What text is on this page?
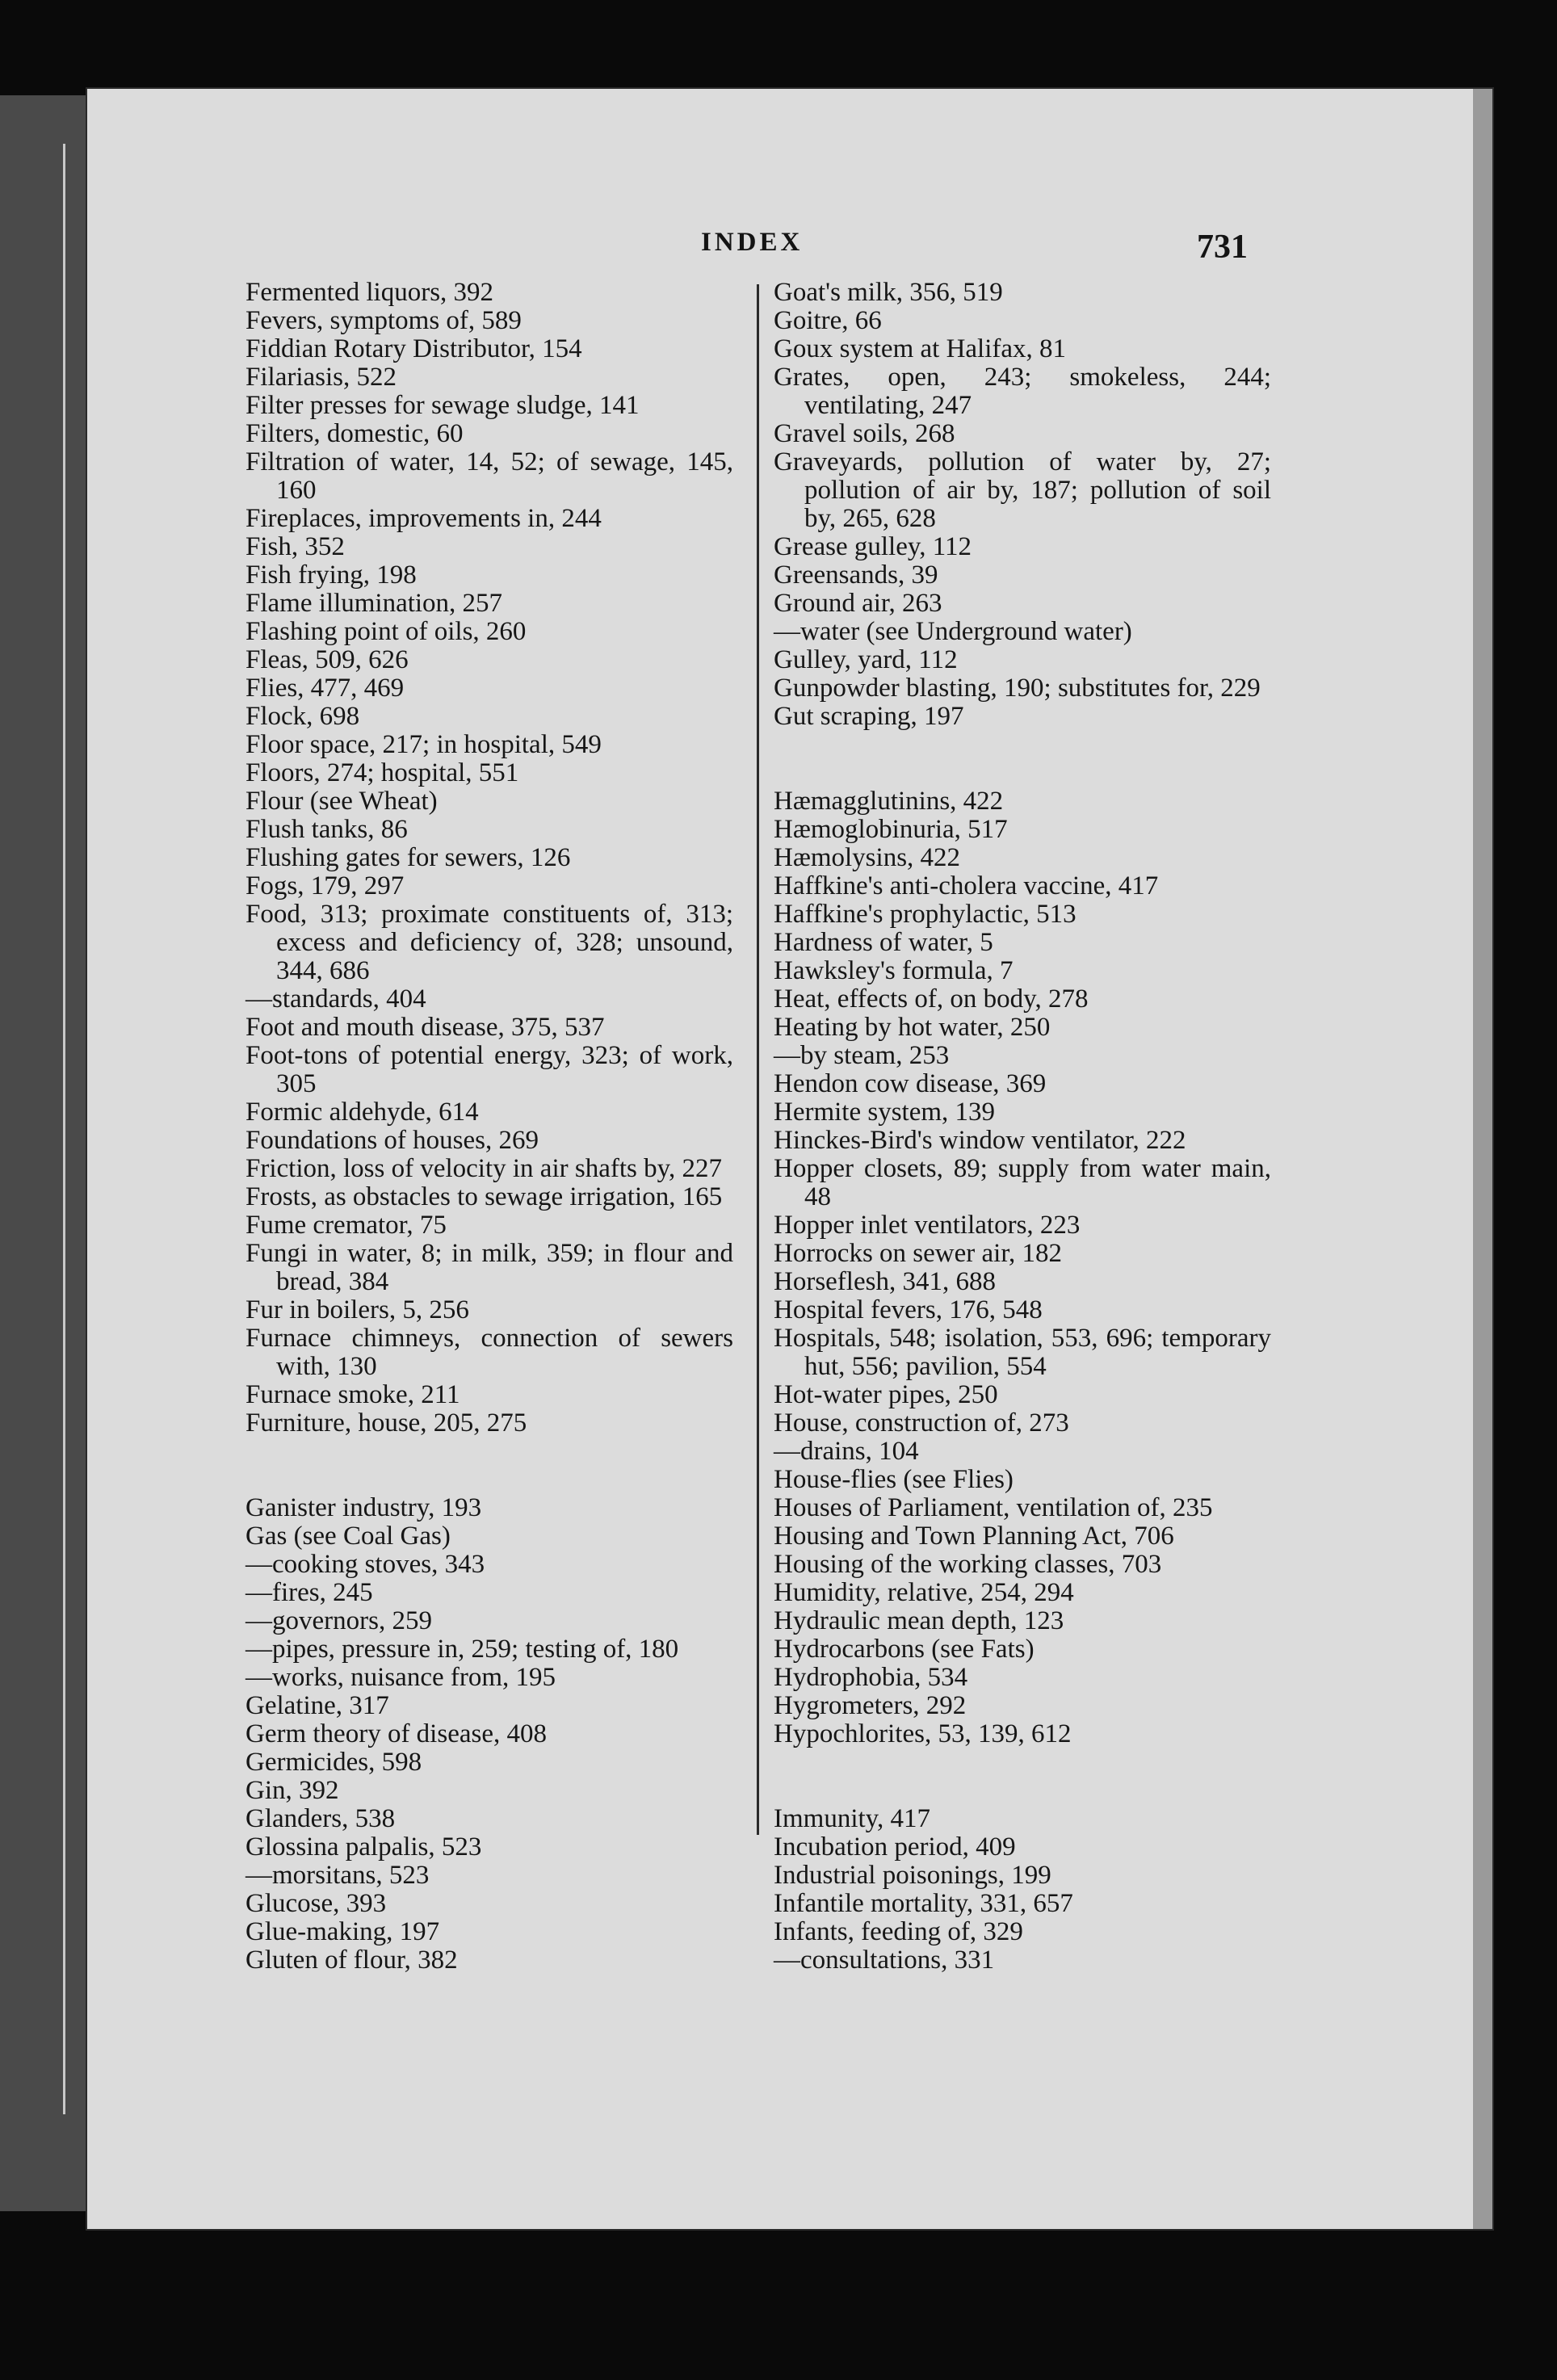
INDEX	731
Fermented liquors, 392
Fevers, symptoms of, 589
Fiddian Rotary Distributor, 154
Filariasis, 522
Filter presses for sewage sludge, 141
Filters, domestic, 60
Filtration of water, 14, 52; of sewage, 145, 160
Fireplaces, improvements in, 244
Fish, 352
Fish frying, 198
Flame illumination, 257
Flashing point of oils, 260
Fleas, 509, 626
Flies, 477, 469
Flock, 698
Floor space, 217; in hospital, 549
Floors, 274; hospital, 551
Flour (see Wheat)
Flush tanks, 86
Flushing gates for sewers, 126
Fogs, 179, 297
Food, 313; proximate constituents of, 313; excess and deficiency of, 328; unsound, 344, 686
—standards, 404
Foot and mouth disease, 375, 537
Foot-tons of potential energy, 323; of work, 305
Formic aldehyde, 614
Foundations of houses, 269
Friction, loss of velocity in air shafts by, 227
Frosts, as obstacles to sewage irrigation, 165
Fume cremator, 75
Fungi in water, 8; in milk, 359; in flour and bread, 384
Fur in boilers, 5, 256
Furnace chimneys, connection of sewers with, 130
Furnace smoke, 211
Furniture, house, 205, 275
Ganister industry, 193
Gas (see Coal Gas)
—cooking stoves, 343
—fires, 245
—governors, 259
—pipes, pressure in, 259; testing of, 180
—works, nuisance from, 195
Gelatine, 317
Germ theory of disease, 408
Germicides, 598
Gin, 392
Glanders, 538
Glossina palpalis, 523
—morsitans, 523
Glucose, 393
Glue-making, 197
Gluten of flour, 382
Goat's milk, 356, 519
Goitre, 66
Goux system at Halifax, 81
Grates, open, 243; smokeless, 244; ventilating, 247
Gravel soils, 268
Graveyards, pollution of water by, 27; pollution of air by, 187; pollution of soil by, 265, 628
Grease gulley, 112
Greensands, 39
Ground air, 263
—water (see Underground water)
Gulley, yard, 112
Gunpowder blasting, 190; substitutes for, 229
Gut scraping, 197
Hæmagglutinins, 422
Hæmoglobinuria, 517
Hæmolysins, 422
Haffkine's anti-cholera vaccine, 417
Haffkine's prophylactic, 513
Hardness of water, 5
Hawksley's formula, 7
Heat, effects of, on body, 278
Heating by hot water, 250
—by steam, 253
Hendon cow disease, 369
Hermite system, 139
Hinckes-Bird's window ventilator, 222
Hopper closets, 89; supply from water main, 48
Hopper inlet ventilators, 223
Horrocks on sewer air, 182
Horseflesh, 341, 688
Hospital fevers, 176, 548
Hospitals, 548; isolation, 553, 696; temporary hut, 556; pavilion, 554
Hot-water pipes, 250
House, construction of, 273
—drains, 104
House-flies (see Flies)
Houses of Parliament, ventilation of, 235
Housing and Town Planning Act, 706
Housing of the working classes, 703
Humidity, relative, 254, 294
Hydraulic mean depth, 123
Hydrocarbons (see Fats)
Hydrophobia, 534
Hygrometers, 292
Hypochlorites, 53, 139, 612
Immunity, 417
Incubation period, 409
Industrial poisonings, 199
Infantile mortality, 331, 657
Infants, feeding of, 329
—consultations, 331
